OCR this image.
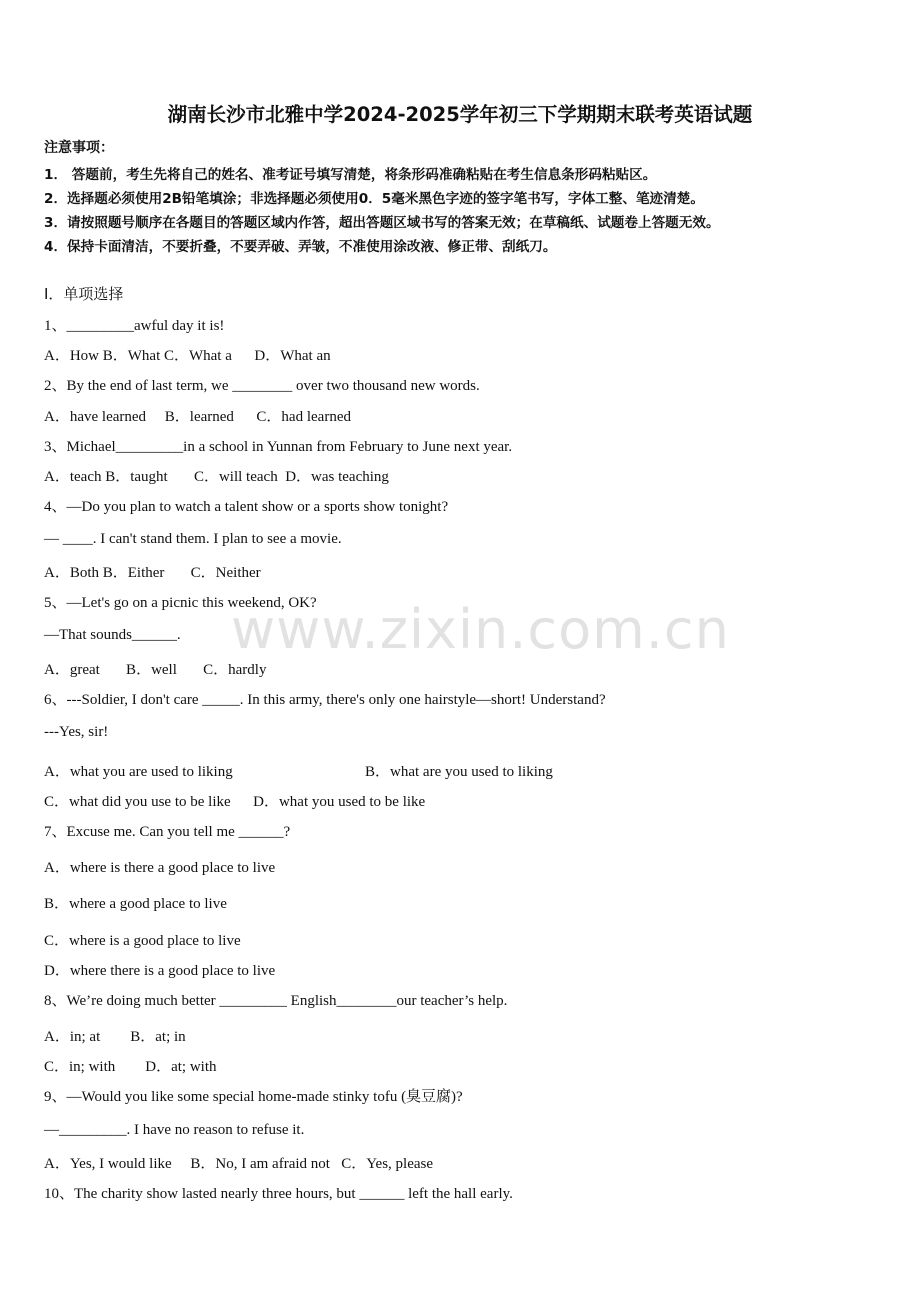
湖南长沙市北雅中学2024-2025学年初三下学期期末联考英语试题
注意事项：
1． 答题前，考生先将自己的姓名、准考证号填写清楚，将条形码准确粘贴在考生信息条形码粘贴区。
2．选择题必须使用2B铅笔填涂；非选择题必须使用0．5毫米黑色字迹的签字笔书写，字体工整、笔迹清楚。
3．请按照题号顺序在各题目的答题区域内作答，超出答题区域书写的答案无效；在草稿纸、试题卷上答题无效。
4．保持卡面清洁，不要折叠，不要弄破、弄皱，不准使用涂改液、修正带、刮纸刀。
Ⅰ．单项选择
1、_________awful day it is!
A．How B．What C．What a      D．What an
2、By the end of last term, we ________ over two thousand new words.
A．have learned     B．learned      C．had learned
3、Michael_________in a school in Yunnan from February to June next year.
A．teach B．taught       C．will teach  D．was teaching
4、—Do you plan to watch a talent show or a sports show tonight?
— ____. I can't stand them. I plan to see a movie.
A．Both B．Either       C．Neither
5、—Let's go on a picnic this weekend, OK?
—That sounds______.
A．great       B．well       C．hardly
6、---Soldier, I don't care _____. In this army, there's only one hairstyle—short! Understand?
---Yes, sir!
A．what you are used to liking	B．what are you used to liking
C．what did you use to be like      D．what you used to be like
7、Excuse me. Can you tell me ______?
A．where is there a good place to live
B．where a good place to live
C．where is a good place to live
D．where there is a good place to live
8、We’re doing much better _________ English________our teacher’s help.
A．in; at        B．at; in
C．in; with        D．at; with
9、—Would you like some special home-made stinky tofu (臭豆腐)?
—_________. I have no reason to refuse it.
A．Yes, I would like     B．No, I am afraid not   C．Yes, please
10、The charity show lasted nearly three hours, but ______ left the hall early.
www.zixin.com.cn
